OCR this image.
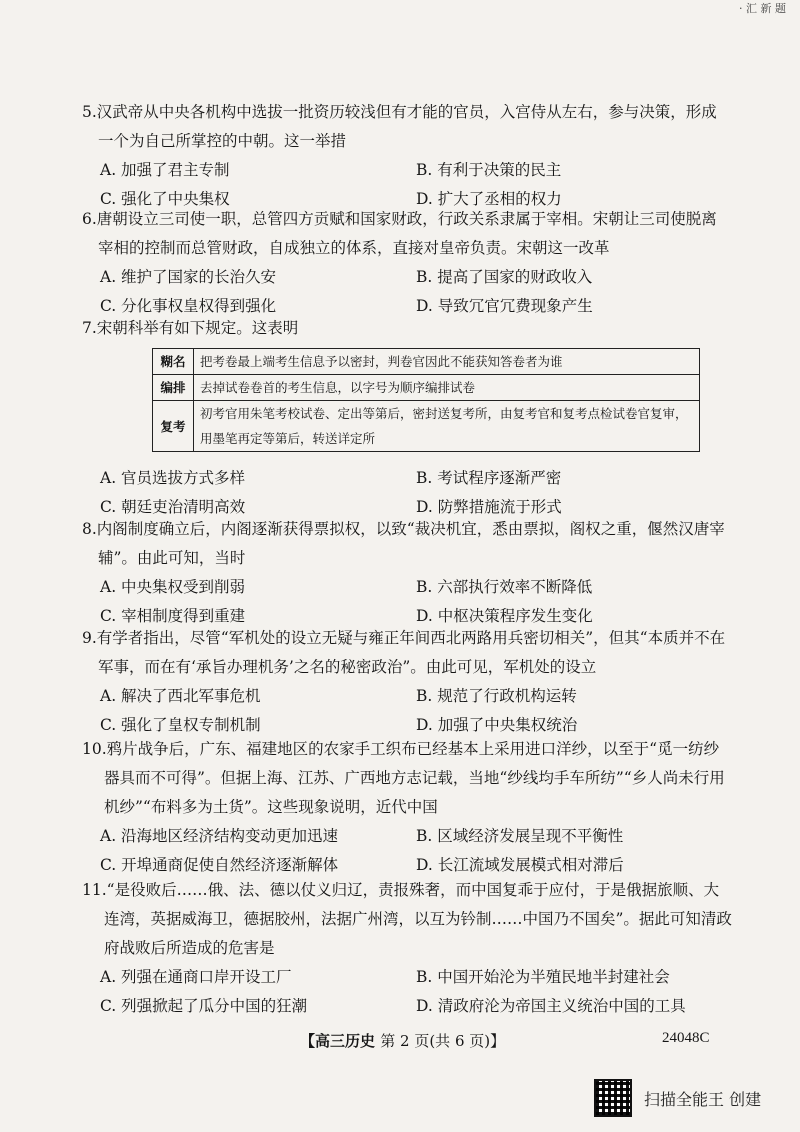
· 汇 新 题
5.汉武帝从中央各机构中选拔一批资历较浅但有才能的官员，入宫侍从左右，参与决策，形成一个为自己所掌控的中朝。这一举措
A. 加强了君主专制	B. 有利于决策的民主
C. 强化了中央集权	D. 扩大了丞相的权力
6.唐朝设立三司使一职，总管四方贡赋和国家财政，行政关系隶属于宰相。宋朝让三司使脱离宰相的控制而总管财政，自成独立的体系，直接对皇帝负责。宋朝这一改革
A. 维护了国家的长治久安	B. 提高了国家的财政收入
C. 分化事权皇权得到强化	D. 导致冗官冗费现象产生
7.宋朝科举有如下规定。这表明
糊名	把考卷最上端考生信息予以密封，判卷官因此不能获知答卷者为谁
编排	去掉试卷卷首的考生信息，以字号为顺序编排试卷
复考	初考官用朱笔考校试卷、定出等第后，密封送复考所，由复考官和复考点检试卷官复审，用墨笔再定等第后，转送详定所
A. 官员选拔方式多样	B. 考试程序逐渐严密
C. 朝廷吏治清明高效	D. 防弊措施流于形式
8.内阁制度确立后，内阁逐渐获得票拟权，以致“裁决机宜，悉由票拟，阁权之重，偃然汉唐宰辅”。由此可知，当时
A. 中央集权受到削弱	B. 六部执行效率不断降低
C. 宰相制度得到重建	D. 中枢决策程序发生变化
9.有学者指出，尽管“军机处的设立无疑与雍正年间西北两路用兵密切相关”，但其“本质并不在军事，而在有‘承旨办理机务’之名的秘密政治”。由此可见，军机处的设立
A. 解决了西北军事危机	B. 规范了行政机构运转
C. 强化了皇权专制机制	D. 加强了中央集权统治
10.鸦片战争后，广东、福建地区的农家手工织布已经基本上采用进口洋纱，以至于“觅一纺纱器具而不可得”。但据上海、江苏、广西地方志记载，当地“纱线均手车所纺”“乡人尚未行用机纱”“布料多为土货”。这些现象说明，近代中国
A. 沿海地区经济结构变动更加迅速	B. 区域经济发展呈现不平衡性
C. 开埠通商促使自然经济逐渐解体	D. 长江流域发展模式相对滞后
11.“是役败后……俄、法、德以仗义归辽，责报殊奢，而中国复乖于应付，于是俄据旅顺、大连湾，英据威海卫，德据胶州，法据广州湾，以互为钤制……中国乃不国矣”。据此可知清政府战败后所造成的危害是
A. 列强在通商口岸开设工厂	B. 中国开始沦为半殖民地半封建社会
C. 列强掀起了瓜分中国的狂潮	D. 清政府沦为帝国主义统治中国的工具
【高三历史 第 2 页(共 6 页)】	24048C
扫描全能王 创建
